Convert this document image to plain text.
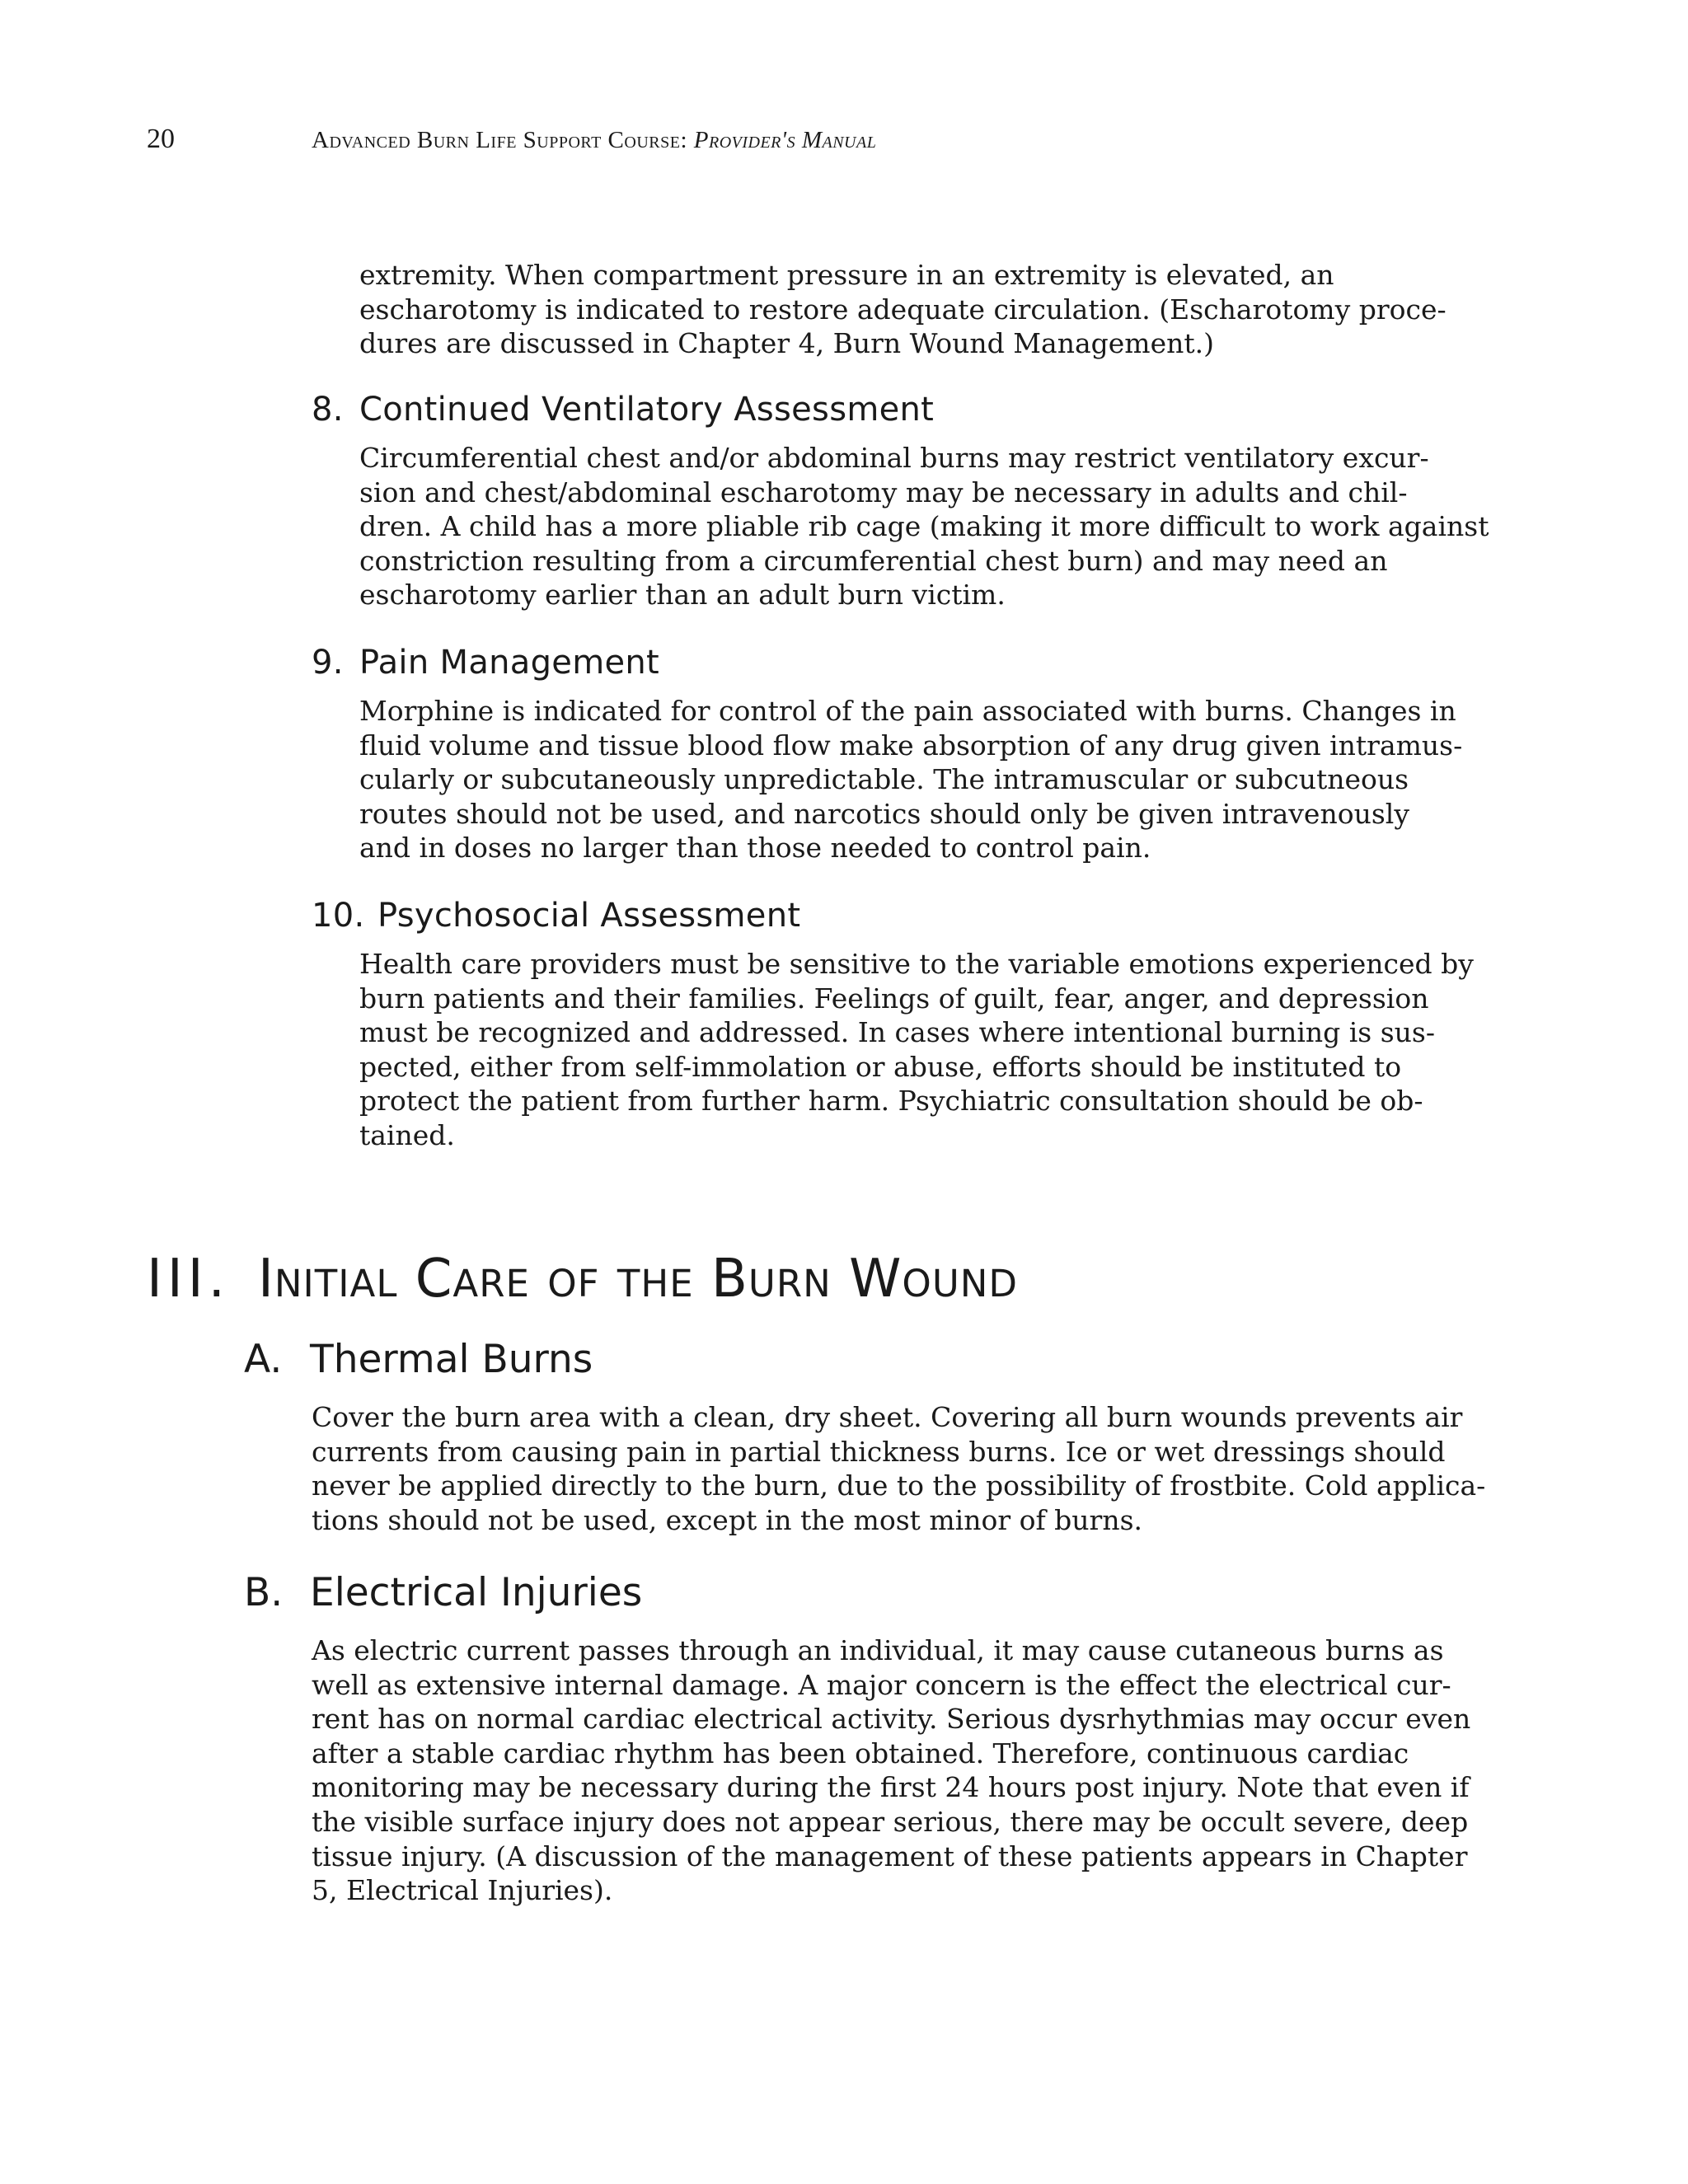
20	Advanced Burn Life Support Course: Provider's Manual

extremity. When compartment pressure in an extremity is elevated, an
escharotomy is indicated to restore adequate circulation. (Escharotomy proce-
dures are discussed in Chapter 4, Burn Wound Management.)

8. Continued Ventilatory Assessment

Circumferential chest and/or abdominal burns may restrict ventilatory excur-
sion and chest/abdominal escharotomy may be necessary in adults and chil-
dren. A child has a more pliable rib cage (making it more difficult to work against
constriction resulting from a circumferential chest burn) and may need an
escharotomy earlier than an adult burn victim.

9. Pain Management

Morphine is indicated for control of the pain associated with burns. Changes in
fluid volume and tissue blood flow make absorption of any drug given intramus-
cularly or subcutaneously unpredictable. The intramuscular or subcutneous
routes should not be used, and narcotics should only be given intravenously
and in doses no larger than those needed to control pain.

10. Psychosocial Assessment

Health care providers must be sensitive to the variable emotions experienced by
burn patients and their families. Feelings of guilt, fear, anger, and depression
must be recognized and addressed. In cases where intentional burning is sus-
pected, either from self-immolation or abuse, efforts should be instituted to
protect the patient from further harm. Psychiatric consultation should be ob-
tained.

III. Initial Care of the Burn Wound
A. Thermal Burns

Cover the burn area with a clean, dry sheet. Covering all burn wounds prevents air
currents from causing pain in partial thickness burns. Ice or wet dressings should
never be applied directly to the burn, due to the possibility of frostbite. Cold applica-
tions should not be used, except in the most minor of burns.

B. Electrical Injuries

As electric current passes through an individual, it may cause cutaneous burns as
well as extensive internal damage. A major concern is the effect the electrical cur-
rent has on normal cardiac electrical activity. Serious dysrhythmias may occur even
after a stable cardiac rhythm has been obtained. Therefore, continuous cardiac
monitoring may be necessary during the first 24 hours post injury. Note that even if
the visible surface injury does not appear serious, there may be occult severe, deep
tissue injury. (A discussion of the management of these patients appears in Chapter
5, Electrical Injuries).
